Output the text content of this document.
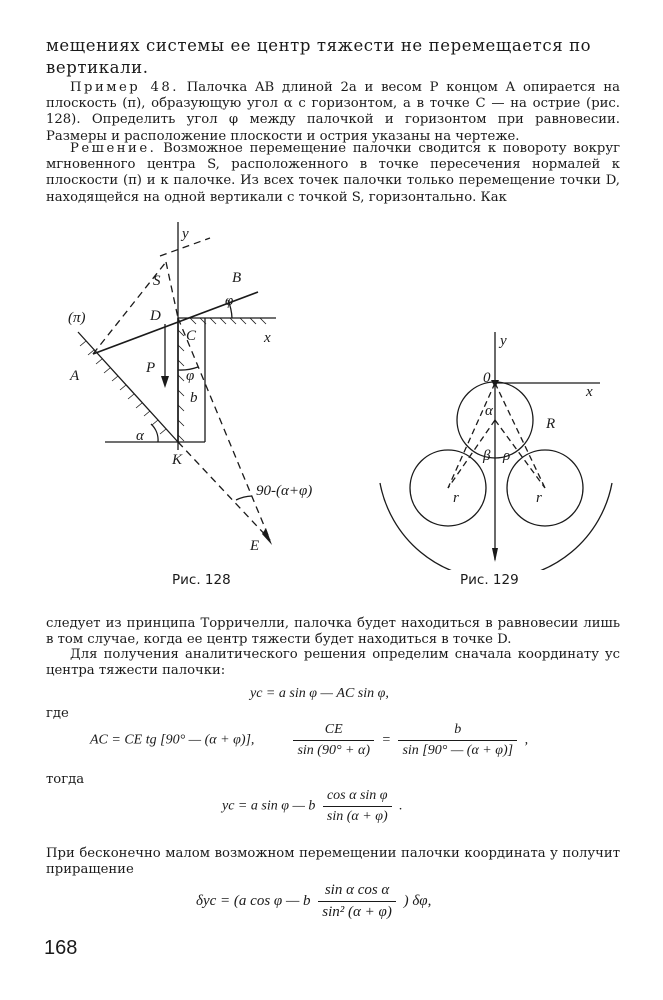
мещениях системы ее центр тяжести не перемещается по вертикали.
Пример 48. Палочка AB длиной 2a и весом P концом A опирается на плоскость (π), образующую угол α с горизонтом, а в точке C — на острие (рис. 128). Определить угол φ между палочкой и горизонтом при равновесии. Размеры и расположение плоскости и острия указаны на чертеже.
Решение. Возможное перемещение палочки сводится к повороту вокруг мгновенного центра S, расположенного в точке пересечения нормалей к плоскости (π) и к палочке. Из всех точек палочки только перемещение точки D, находящейся на одной вертикали с точкой S, горизонтально. Как
y
S	B
φ
D
(π)
C	x
P
A	φ
b
α
K
90-(α+φ)
E
Рис. 128
y
0
x
α
R
β ρ
r	r
Рис. 129
следует из принципа Торричелли, палочка будет находиться в равновесии лишь в том случае, когда ее центр тяжести будет находиться в точке D.
Для получения аналитического решения определим сначала координату yc центра тяжести палочки:
yc = a sin φ — AC sin φ,
где
AC = CE tg [90° — (α + φ)],	$\frac{CE}{\sin (90^\circ + \alpha)} = \frac{b}{\sin [90^\circ — (\alpha + \varphi)]}$ ,
тогда
yc = a sin φ — b $\frac{\text{cos α sin φ}}{\sin (\alpha + \varphi)}$ .
При бесконечно малом возможном перемещении палочки координата y получит приращение
δyc = (a cos φ — b $\frac{\text{sin α cos α}}{\text{sin² (α + φ)}}$ ) δφ,
168
